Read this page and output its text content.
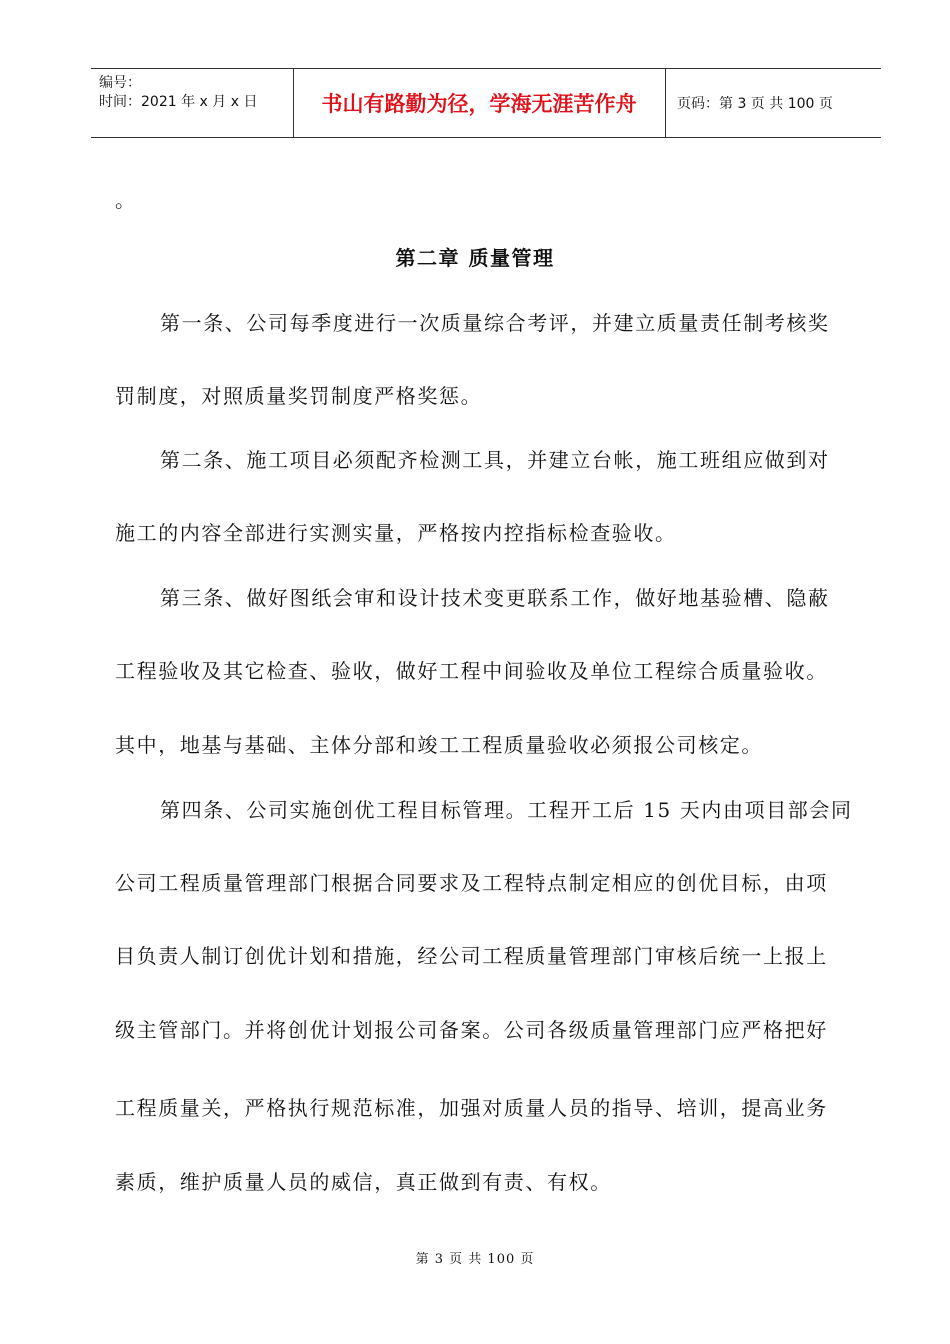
编号：
时间：2021 年 x 月 x 日	书山有路勤为径，学海无涯苦作舟	页码：第 3 页 共 100 页
。
第二章 质量管理
第一条、公司每季度进行一次质量综合考评，并建立质量责任制考核奖
罚制度，对照质量奖罚制度严格奖惩。
第二条、施工项目必须配齐检测工具，并建立台帐，施工班组应做到对
施工的内容全部进行实测实量，严格按内控指标检查验收。
第三条、做好图纸会审和设计技术变更联系工作，做好地基验槽、隐蔽
工程验收及其它检查、验收，做好工程中间验收及单位工程综合质量验收。
其中，地基与基础、主体分部和竣工工程质量验收必须报公司核定。
第四条、公司实施创优工程目标管理。工程开工后 15 天内由项目部会同
公司工程质量管理部门根据合同要求及工程特点制定相应的创优目标，由项
目负责人制订创优计划和措施，经公司工程质量管理部门审核后统一上报上
级主管部门。并将创优计划报公司备案。公司各级质量管理部门应严格把好
工程质量关，严格执行规范标准，加强对质量人员的指导、培训，提高业务
素质，维护质量人员的威信，真正做到有责、有权。
第 3 页 共 100 页
